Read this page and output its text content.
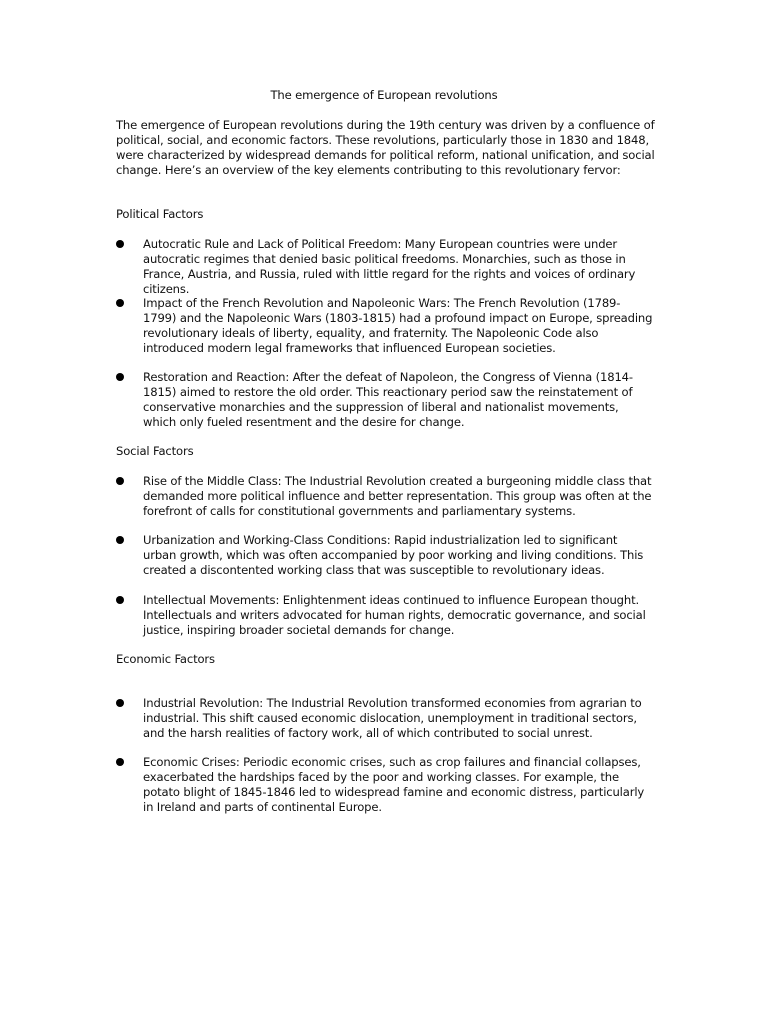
The emergence of European revolutions

The emergence of European revolutions during the 19th century was driven by a confluence of political, social, and economic factors. These revolutions, particularly those in 1830 and 1848, were characterized by widespread demands for political reform, national unification, and social change. Here’s an overview of the key elements contributing to this revolutionary fervor:

Political Factors

Autocratic Rule and Lack of Political Freedom: Many European countries were under autocratic regimes that denied basic political freedoms. Monarchies, such as those in France, Austria, and Russia, ruled with little regard for the rights and voices of ordinary citizens.

Impact of the French Revolution and Napoleonic Wars: The French Revolution (1789-1799) and the Napoleonic Wars (1803-1815) had a profound impact on Europe, spreading revolutionary ideals of liberty, equality, and fraternity. The Napoleonic Code also introduced modern legal frameworks that influenced European societies.

Restoration and Reaction: After the defeat of Napoleon, the Congress of Vienna (1814-1815) aimed to restore the old order. This reactionary period saw the reinstatement of conservative monarchies and the suppression of liberal and nationalist movements, which only fueled resentment and the desire for change.

Social Factors

Rise of the Middle Class: The Industrial Revolution created a burgeoning middle class that demanded more political influence and better representation. This group was often at the forefront of calls for constitutional governments and parliamentary systems.

Urbanization and Working-Class Conditions: Rapid industrialization led to significant urban growth, which was often accompanied by poor working and living conditions. This created a discontented working class that was susceptible to revolutionary ideas.

Intellectual Movements: Enlightenment ideas continued to influence European thought. Intellectuals and writers advocated for human rights, democratic governance, and social justice, inspiring broader societal demands for change.

Economic Factors

Industrial Revolution: The Industrial Revolution transformed economies from agrarian to industrial. This shift caused economic dislocation, unemployment in traditional sectors, and the harsh realities of factory work, all of which contributed to social unrest.

Economic Crises: Periodic economic crises, such as crop failures and financial collapses, exacerbated the hardships faced by the poor and working classes. For example, the potato blight of 1845-1846 led to widespread famine and economic distress, particularly in Ireland and parts of continental Europe.
